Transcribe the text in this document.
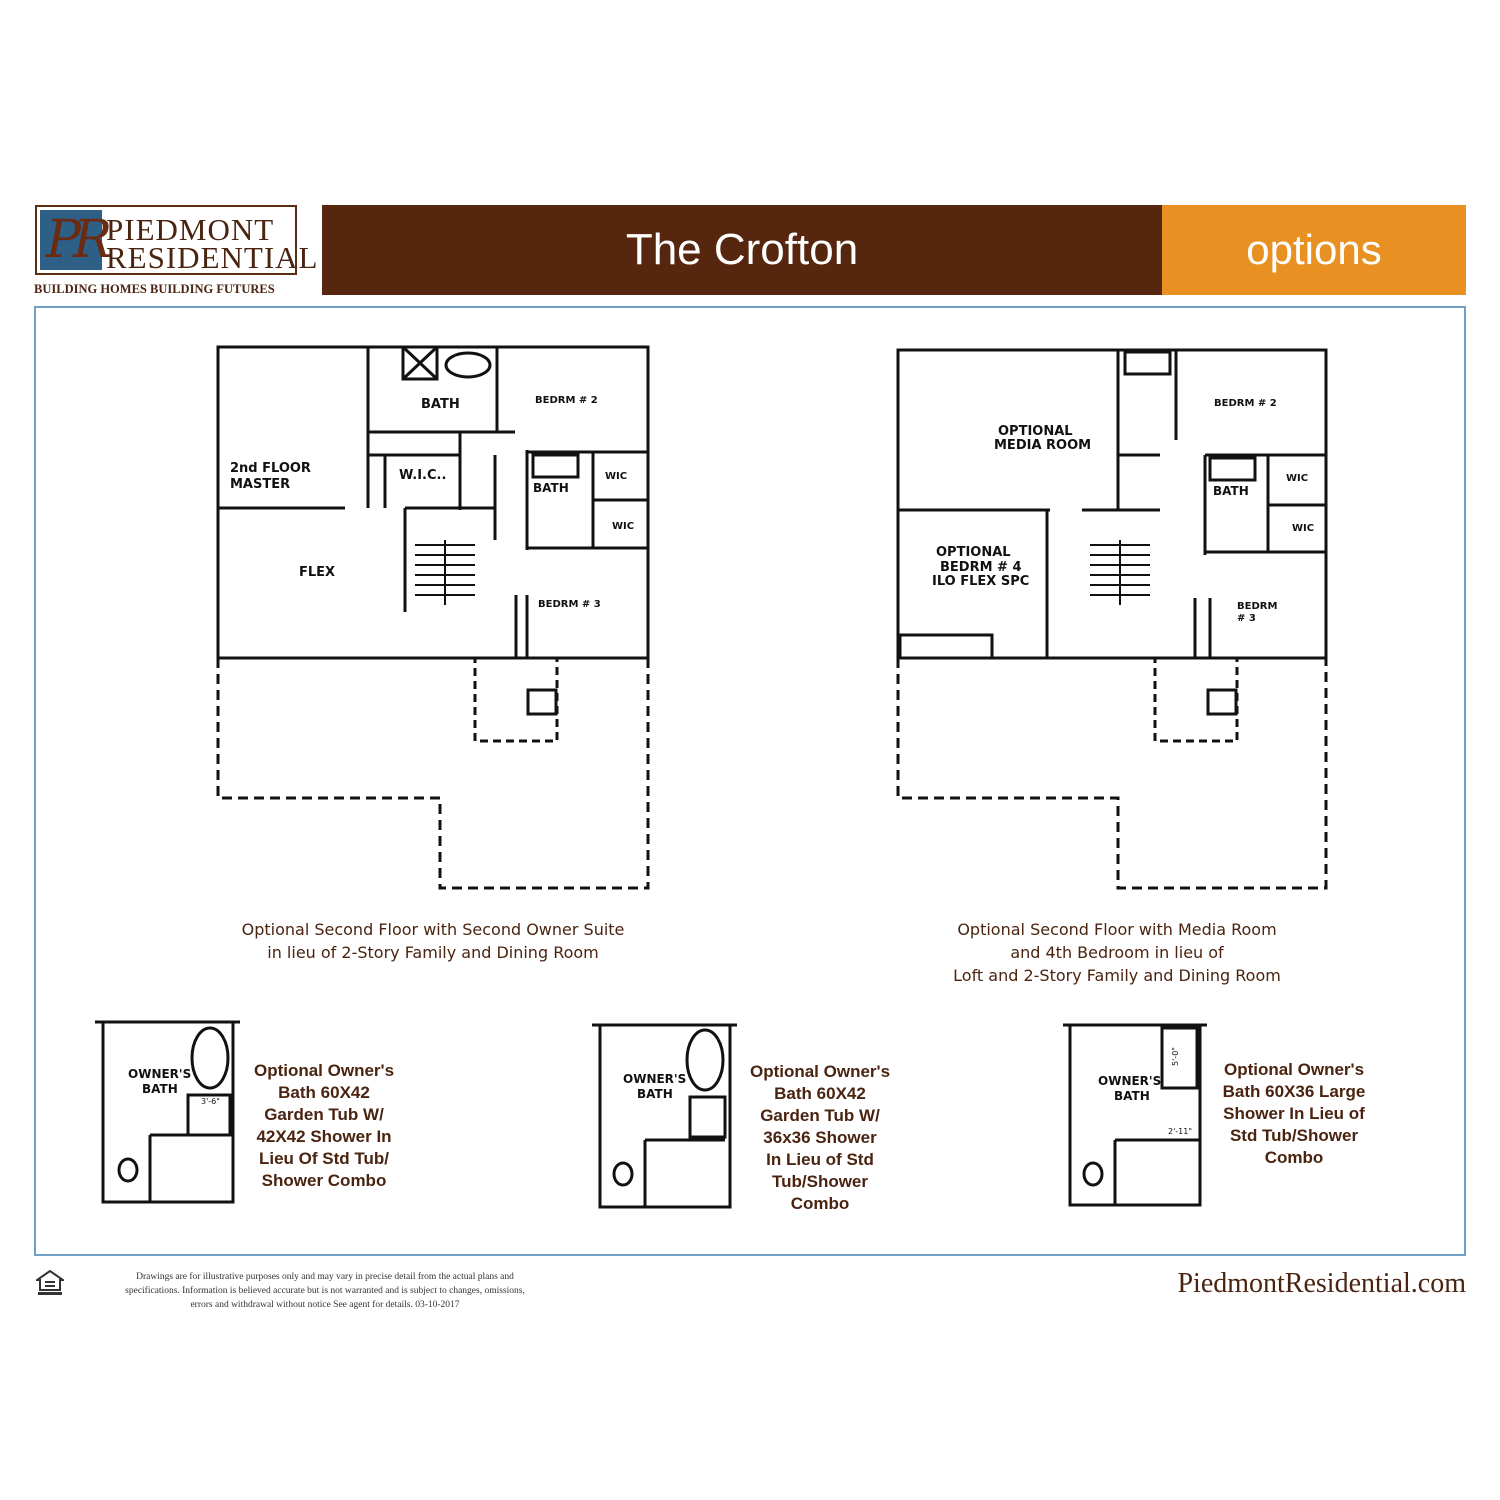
PR PIEDMONT
RESIDENTIAL
BUILDING HOMES BUILDING FUTURES
The Crofton	options
BATH	BEDRM # 2
2nd FLOOR
MASTER
W.I.C..
BATH
WIC
WIC
FLEX
BEDRM # 3
Optional Second Floor with Second Owner Suite
in lieu of 2-Story Family and Dining Room
OPTIONAL
MEDIA ROOM
BEDRM # 2
BATH
WIC
WIC
OPTIONAL
BEDRM # 4
ILO FLEX SPC
BEDRM
# 3
Optional Second Floor with Media Room
and 4th Bedroom in lieu of
Loft and 2-Story Family and Dining Room
OWNER'S
BATH
3'-6"
Optional Owner's
Bath 60X42
Garden Tub W/
42X42 Shower In
Lieu Of Std Tub/
Shower Combo
OWNER'S
BATH
Optional Owner's
Bath 60X42
Garden Tub W/
36x36 Shower
In Lieu of Std
Tub/Shower
Combo
OWNER'S
BATH
5'-0"
2'-11"
Optional Owner's
Bath 60X36 Large
Shower In Lieu of
Std Tub/Shower
Combo
Drawings are for illustrative purposes only and may vary in precise detail from the actual plans and
specifications. Information is believed accurate but is not warranted and is subject to changes, omissions,
errors and withdrawal without notice See agent for details. 03-10-2017
PiedmontResidential.com
